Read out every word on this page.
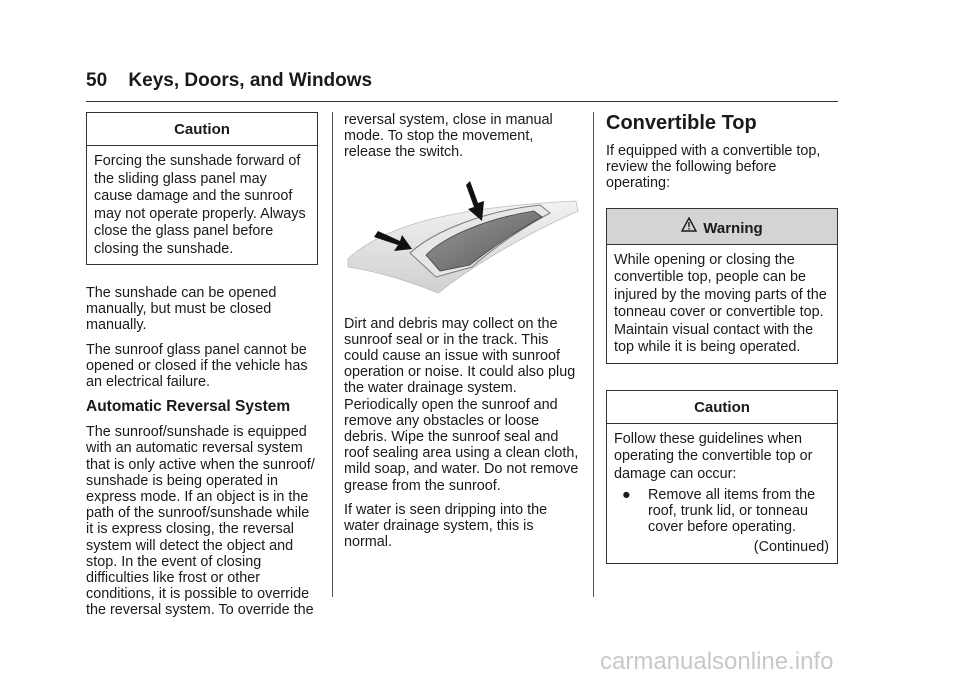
50 Keys, Doors, and Windows
Caution
Forcing the sunshade forward of the sliding glass panel may cause damage and the sunroof may not operate properly. Always close the glass panel before closing the sunshade.

The sunshade can be opened manually, but must be closed manually.

The sunroof glass panel cannot be opened or closed if the vehicle has an electrical failure.

Automatic Reversal System

The sunroof/sunshade is equipped with an automatic reversal system that is only active when the sunroof/ sunshade is being operated in express mode. If an object is in the path of the sunroof/sunshade while it is express closing, the reversal system will detect the object and stop. In the event of closing difficulties like frost or other conditions, it is possible to override the reversal system. To override the

reversal system, close in manual mode. To stop the movement, release the switch.

Dirt and debris may collect on the sunroof seal or in the track. This could cause an issue with sunroof operation or noise. It could also plug the water drainage system. Periodically open the sunroof and remove any obstacles or loose debris. Wipe the sunroof seal and roof sealing area using a clean cloth, mild soap, and water. Do not remove grease from the sunroof.

If water is seen dripping into the water drainage system, this is normal.

Convertible Top

If equipped with a convertible top, review the following before operating:

Warning
While opening or closing the convertible top, people can be injured by the moving parts of the tonneau cover or convertible top. Maintain visual contact with the top while it is being operated.
Caution
Follow these guidelines when operating the convertible top or damage can occur:
●	Remove all items from the roof, trunk lid, or tonneau cover before operating.
(Continued)
carmanualsonline.info
